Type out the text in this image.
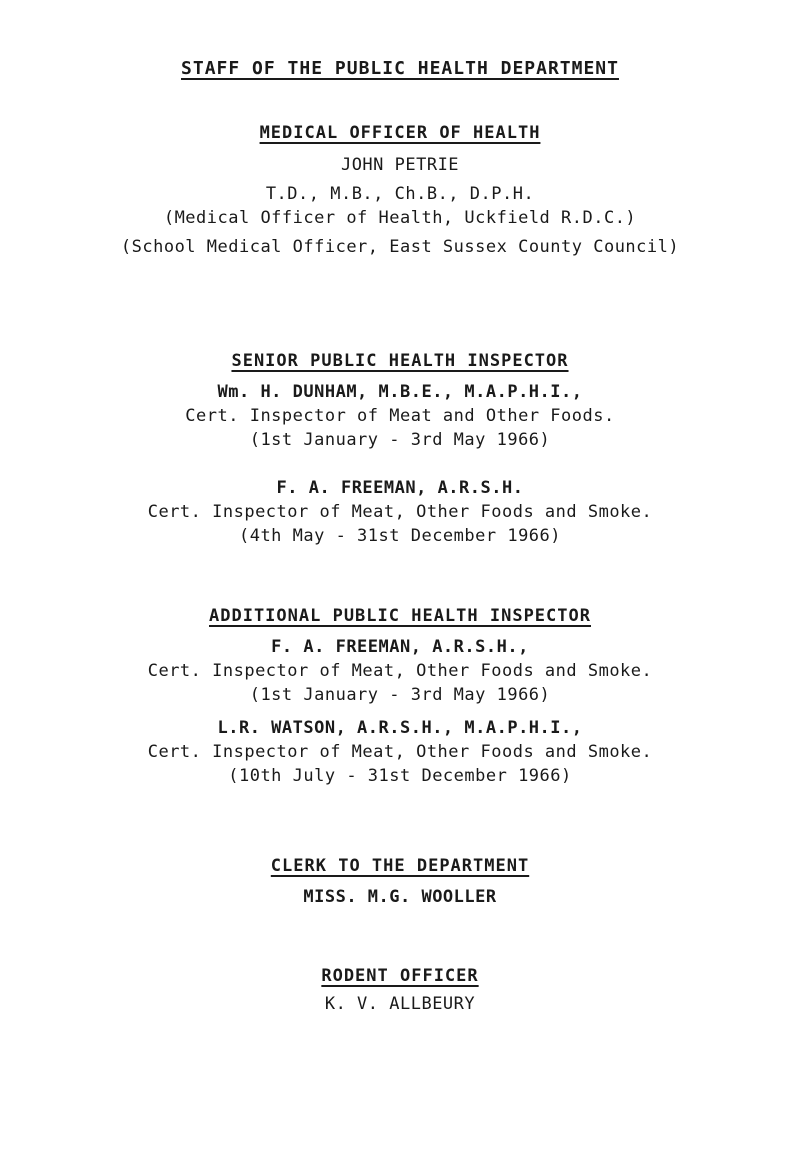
STAFF OF THE PUBLIC HEALTH DEPARTMENT
MEDICAL OFFICER OF HEALTH
JOHN PETRIE
T.D., M.B., Ch.B., D.P.H.
(Medical Officer of Health, Uckfield R.D.C.)
(School Medical Officer, East Sussex County Council)
SENIOR PUBLIC HEALTH INSPECTOR
Wm. H. DUNHAM, M.B.E., M.A.P.H.I.,
Cert. Inspector of Meat and Other Foods.
(1st January - 3rd May 1966)
F. A. FREEMAN, A.R.S.H.
Cert. Inspector of Meat, Other Foods and Smoke.
(4th May - 31st December 1966)
ADDITIONAL PUBLIC HEALTH INSPECTOR
F. A. FREEMAN, A.R.S.H.,
Cert. Inspector of Meat, Other Foods and Smoke.
(1st January - 3rd May 1966)
L.R. WATSON, A.R.S.H., M.A.P.H.I.,
Cert. Inspector of Meat, Other Foods and Smoke.
(10th July - 31st December 1966)
CLERK TO THE DEPARTMENT
MISS. M.G. WOOLLER
RODENT OFFICER
K. V. ALLBEURY
